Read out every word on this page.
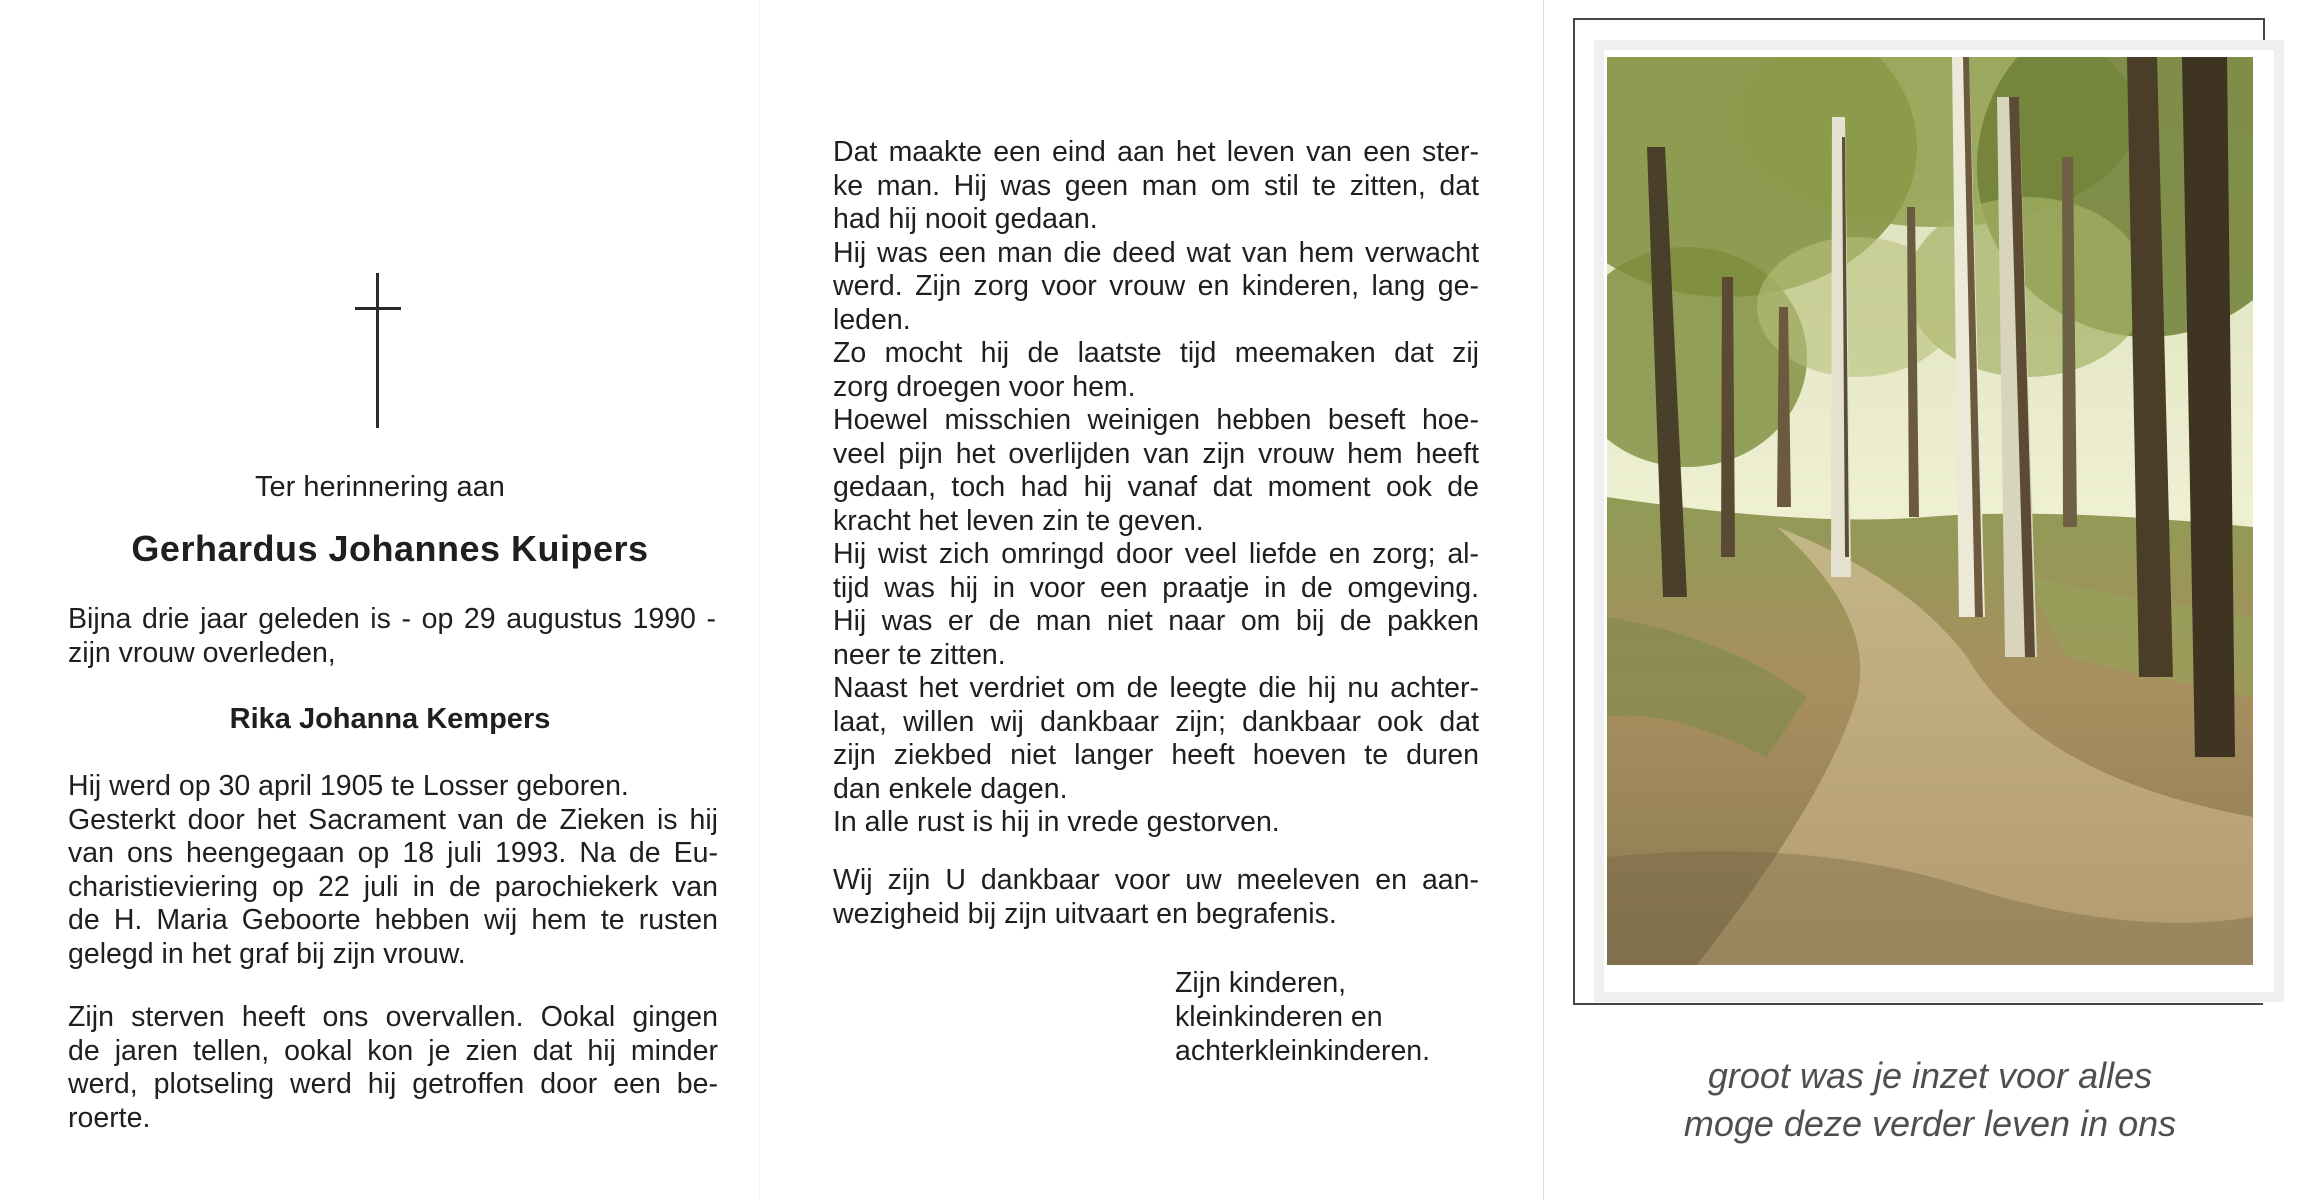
Ter herinnering aan
Gerhardus Johannes Kuipers
Bijna drie jaar geleden is - op 29 augustus 1990 -
zijn vrouw overleden,
Rika Johanna Kempers
Hij werd op 30 april 1905 te Losser geboren.
Gesterkt door het Sacrament van de Zieken is hij
van ons heengegaan op 18 juli 1993. Na de Eu-
charistieviering op 22 juli in de parochiekerk van
de H. Maria Geboorte hebben wij hem te rusten
gelegd in het graf bij zijn vrouw.
Zijn sterven heeft ons overvallen. Ookal gingen
de jaren tellen, ookal kon je zien dat hij minder
werd, plotseling werd hij getroffen door een be-
roerte.
Dat maakte een eind aan het leven van een ster-
ke man. Hij was geen man om stil te zitten, dat
had hij nooit gedaan.
Hij was een man die deed wat van hem verwacht
werd. Zijn zorg voor vrouw en kinderen, lang ge-
leden.
Zo mocht hij de laatste tijd meemaken dat zij
zorg droegen voor hem.
Hoewel misschien weinigen hebben beseft hoe-
veel pijn het overlijden van zijn vrouw hem heeft
gedaan, toch had hij vanaf dat moment ook de
kracht het leven zin te geven.
Hij wist zich omringd door veel liefde en zorg; al-
tijd was hij in voor een praatje in de omgeving.
Hij was er de man niet naar om bij de pakken
neer te zitten.
Naast het verdriet om de leegte die hij nu achter-
laat, willen wij dankbaar zijn; dankbaar ook dat
zijn ziekbed niet langer heeft hoeven te duren
dan enkele dagen.
In alle rust is hij in vrede gestorven.
Wij zijn U dankbaar voor uw meeleven en aan-
wezigheid bij zijn uitvaart en begrafenis.
Zijn kinderen,
kleinkinderen en
achterkleinkinderen.
groot was je inzet voor alles
moge deze verder leven in ons
